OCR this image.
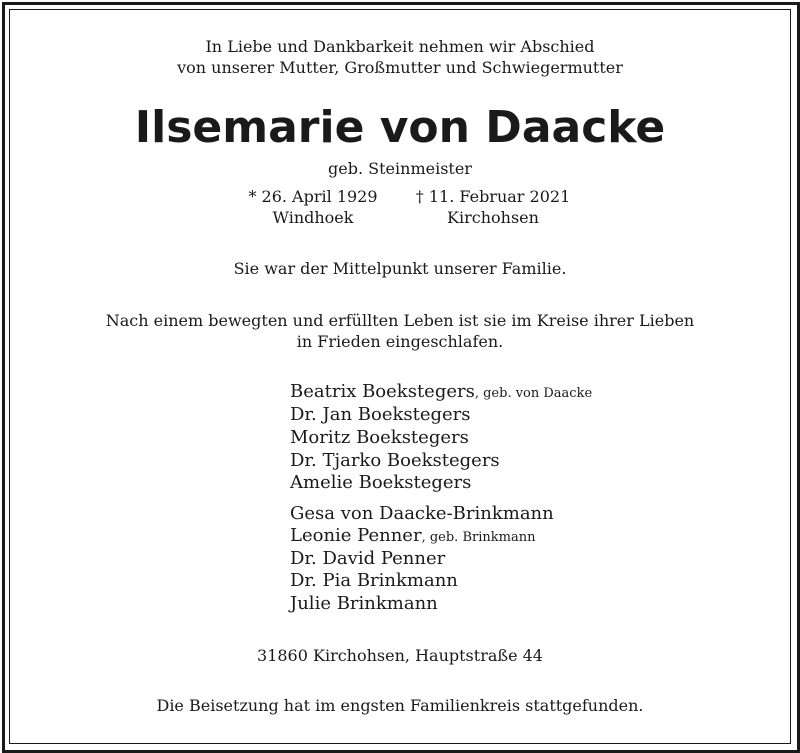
In Liebe und Dankbarkeit nehmen wir Abschied
von unserer Mutter, Großmutter und Schwiegermutter
Ilsemarie von Daacke
geb. Steinmeister
* 26. April 1929
Windhoek
† 11. Februar 2021
Kirchohsen
Sie war der Mittelpunkt unserer Familie.
Nach einem bewegten und erfüllten Leben ist sie im Kreise ihrer Lieben
in Frieden eingeschlafen.
Beatrix Boekstegers, geb. von Daacke
Dr. Jan Boekstegers
Moritz Boekstegers
Dr. Tjarko Boekstegers
Amelie Boekstegers
Gesa von Daacke-Brinkmann
Leonie Penner, geb. Brinkmann
Dr. David Penner
Dr. Pia Brinkmann
Julie Brinkmann
31860 Kirchohsen, Hauptstraße 44
Die Beisetzung hat im engsten Familienkreis stattgefunden.
